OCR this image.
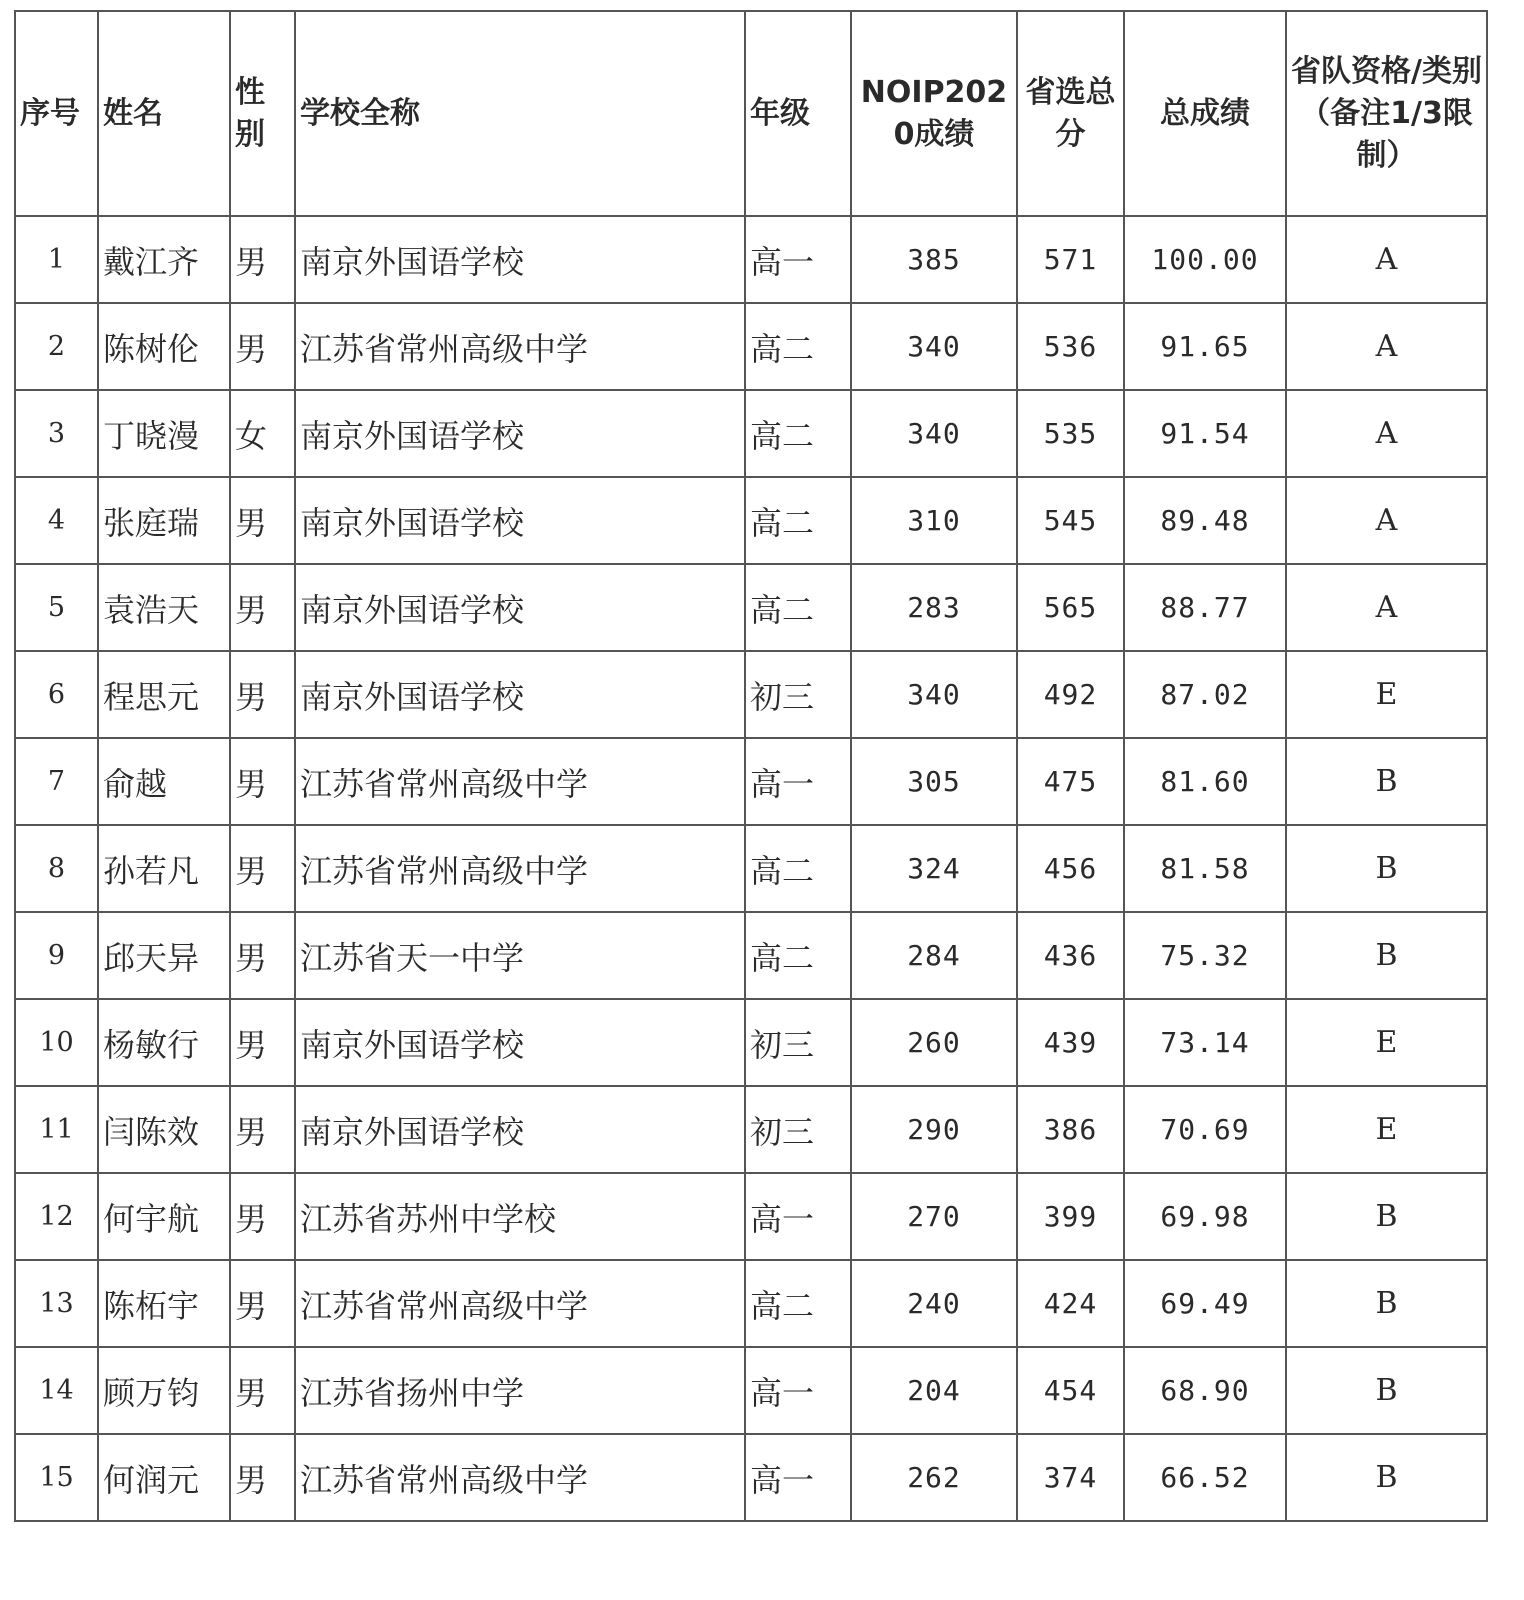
序号	姓名	性别	学校全称	年级	NOIP2020成绩	省选总分	总成绩	省队资格/类别（备注1/3限制）
1	戴江齐	男	南京外国语学校	高一	385	571	100.00	A
2	陈树伦	男	江苏省常州高级中学	高二	340	536	91.65	A
3	丁晓漫	女	南京外国语学校	高二	340	535	91.54	A
4	张庭瑞	男	南京外国语学校	高二	310	545	89.48	A
5	袁浩天	男	南京外国语学校	高二	283	565	88.77	A
6	程思元	男	南京外国语学校	初三	340	492	87.02	E
7	俞越	男	江苏省常州高级中学	高一	305	475	81.60	B
8	孙若凡	男	江苏省常州高级中学	高二	324	456	81.58	B
9	邱天异	男	江苏省天一中学	高二	284	436	75.32	B
10	杨敏行	男	南京外国语学校	初三	260	439	73.14	E
11	闫陈效	男	南京外国语学校	初三	290	386	70.69	E
12	何宇航	男	江苏省苏州中学校	高一	270	399	69.98	B
13	陈柘宇	男	江苏省常州高级中学	高二	240	424	69.49	B
14	顾万钧	男	江苏省扬州中学	高一	204	454	68.90	B
15	何润元	男	江苏省常州高级中学	高一	262	374	66.52	B
